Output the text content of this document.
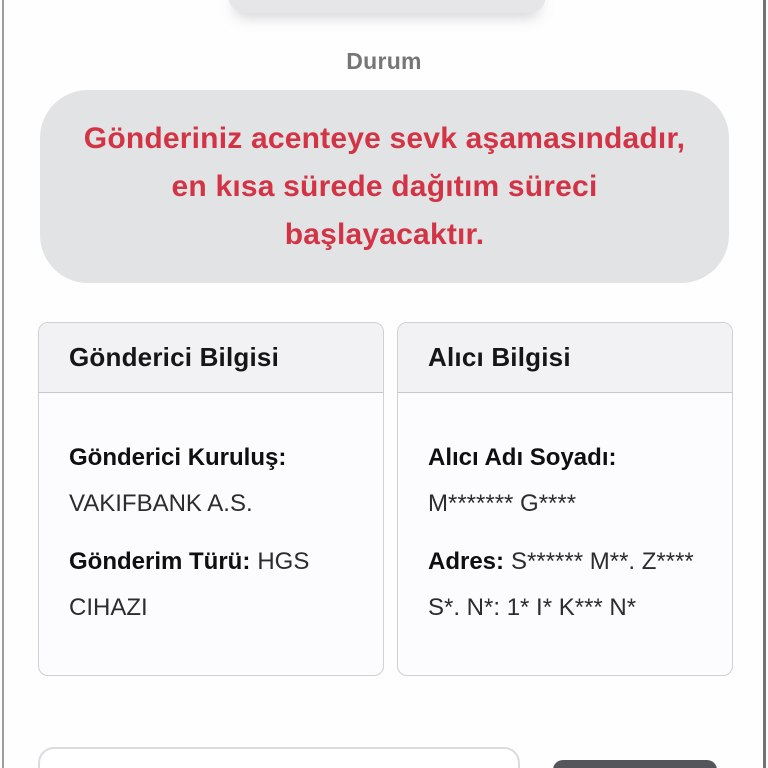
Durum
Gönderiniz acenteye sevk aşamasındadır,
en kısa sürede dağıtım süreci
başlayacaktır.
Gönderici Bilgisi

Gönderici Kuruluş:
VAKIFBANK A.S.

Gönderim Türü: HGS CIHAZI

Alıcı Bilgisi

Alıcı Adı Soyadı:
M******* G****

Adres: S****** M**. Z**** S*. N*: 1* I* K*** N*
